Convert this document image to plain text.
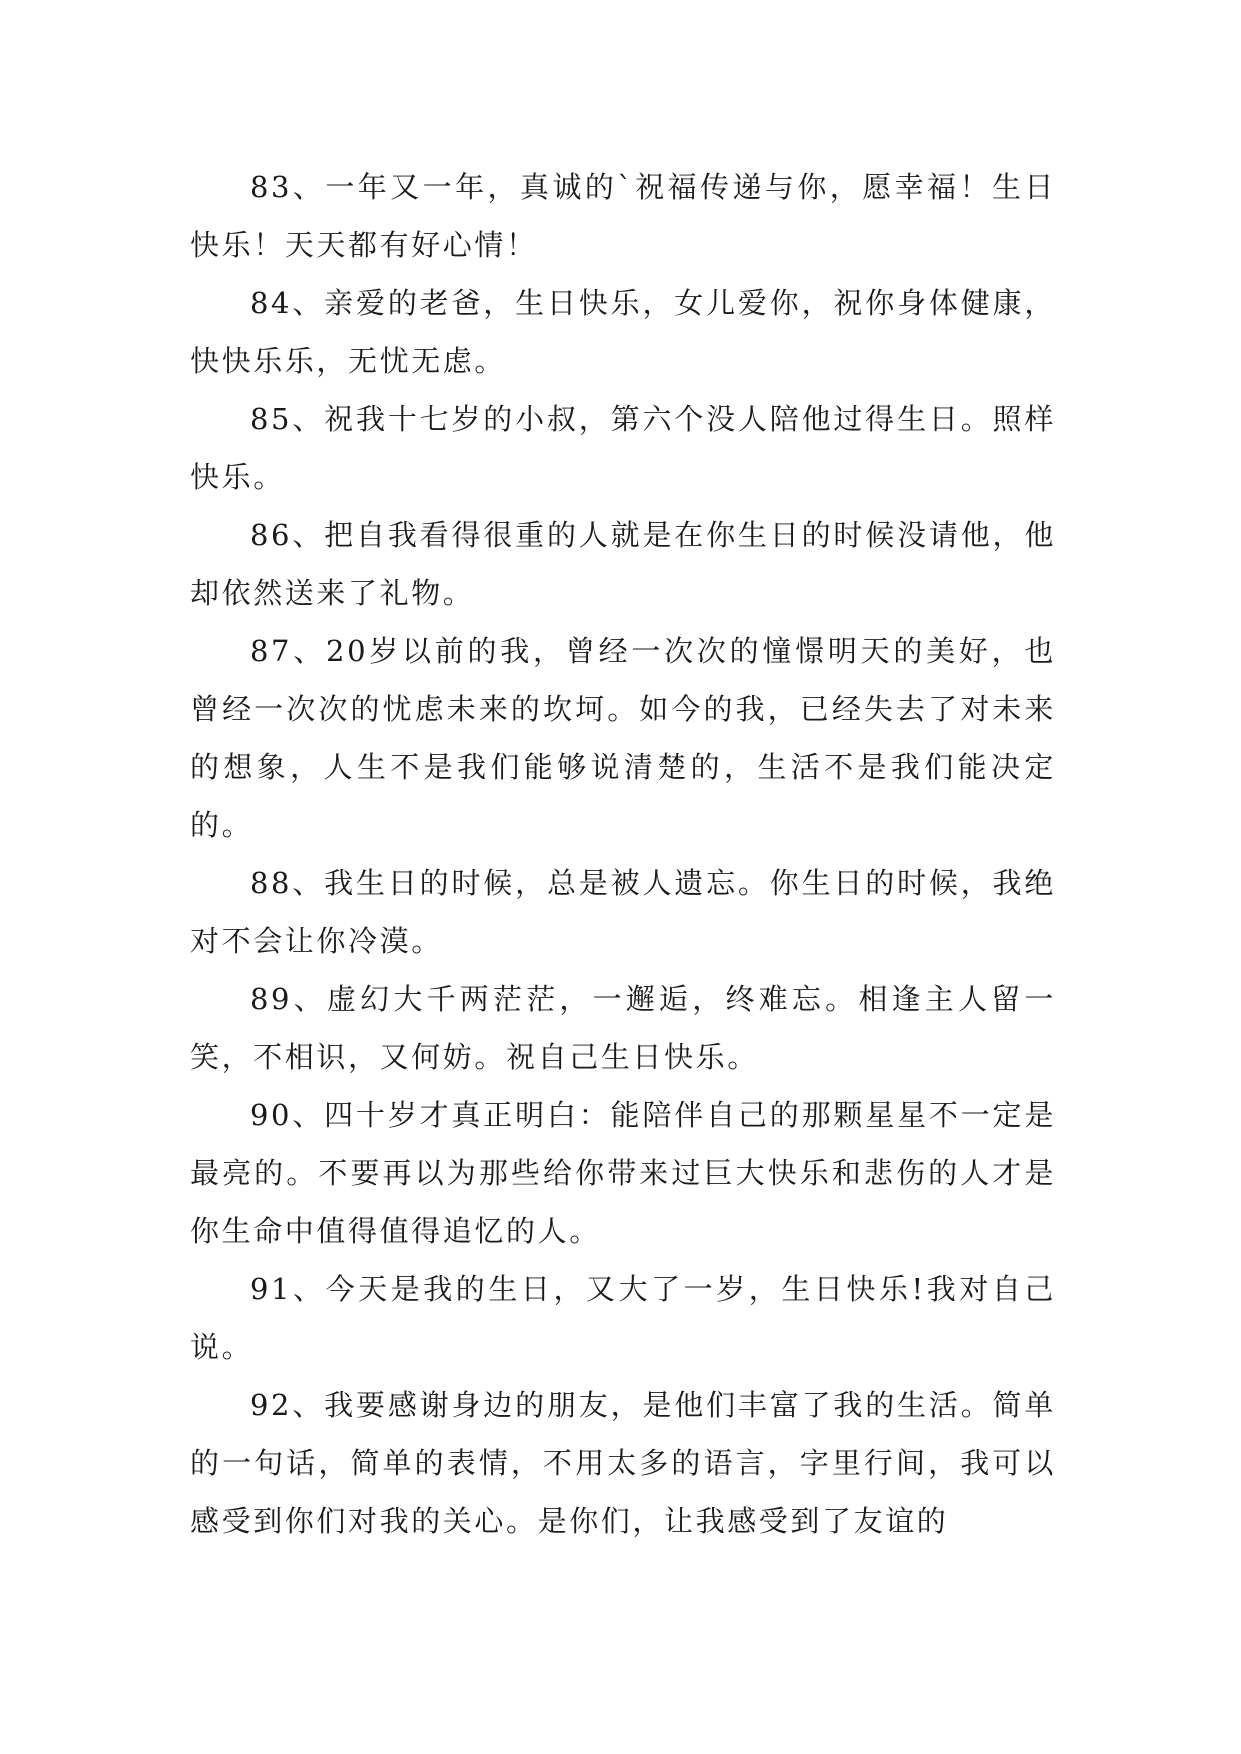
83、一年又一年，真诚的`祝福传递与你，愿幸福！生日快乐！天天都有好心情！

84、亲爱的老爸，生日快乐，女儿爱你，祝你身体健康，快快乐乐，无忧无虑。

85、祝我十七岁的小叔，第六个没人陪他过得生日。照样快乐。

86、把自我看得很重的人就是在你生日的时候没请他，他却依然送来了礼物。

87、20岁以前的我，曾经一次次的憧憬明天的美好，也曾经一次次的忧虑未来的坎坷。如今的我，已经失去了对未来的想象，人生不是我们能够说清楚的，生活不是我们能决定的。

88、我生日的时候，总是被人遗忘。你生日的时候，我绝对不会让你冷漠。

89、虚幻大千两茫茫，一邂逅，终难忘。相逢主人留一笑，不相识，又何妨。祝自己生日快乐。

90、四十岁才真正明白：能陪伴自己的那颗星星不一定是最亮的。不要再以为那些给你带来过巨大快乐和悲伤的人才是你生命中值得值得追忆的人。

91、今天是我的生日，又大了一岁，生日快乐!我对自己说。

92、我要感谢身边的朋友，是他们丰富了我的生活。简单的一句话，简单的表情，不用太多的语言，字里行间，我可以感受到你们对我的关心。是你们，让我感受到了友谊的
